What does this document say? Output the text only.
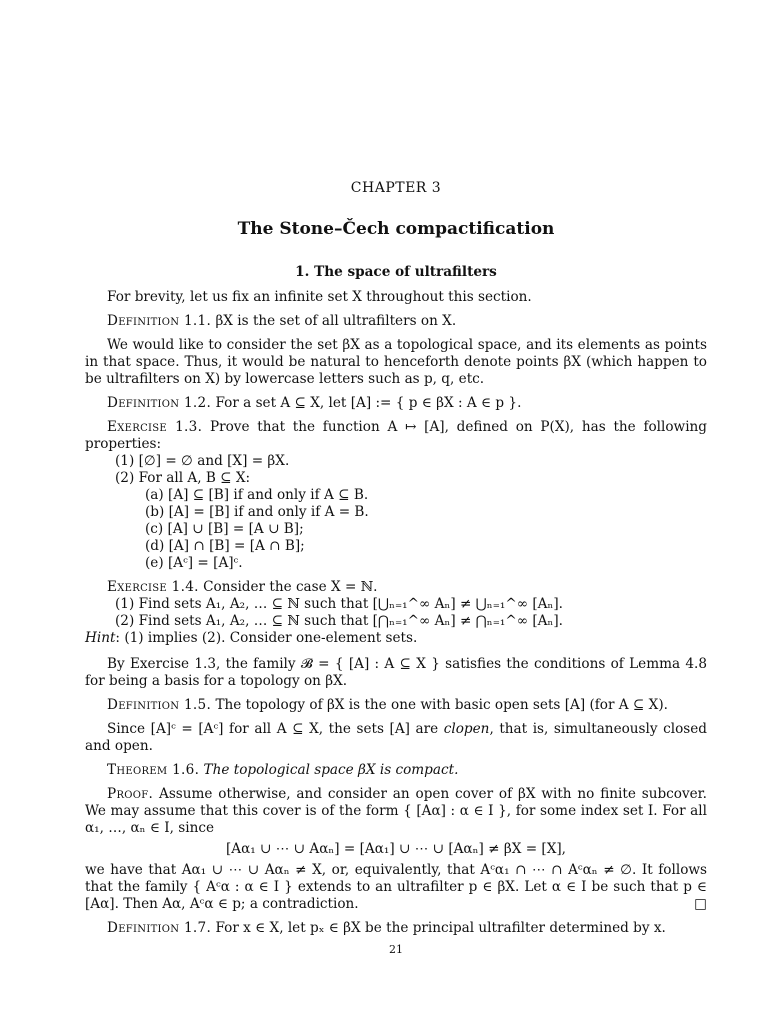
CHAPTER 3
The Stone–Čech compactification
1. The space of ultrafilters

For brevity, let us fix an infinite set X throughout this section.

Definition 1.1. βX is the set of all ultrafilters on X.

We would like to consider the set βX as a topological space, and its elements as points in that space. Thus, it would be natural to henceforth denote points βX (which happen to be ultrafilters on X) by lowercase letters such as p, q, etc.

Definition 1.2. For a set A ⊆ X, let [A] := { p ∈ βX : A ∈ p }.

Exercise 1.3. Prove that the function A ↦ [A], defined on P(X), has the following properties:

(1) [∅] = ∅ and [X] = βX.
(2) For all A, B ⊆ X:
(a) [A] ⊆ [B] if and only if A ⊆ B.
(b) [A] = [B] if and only if A = B.
(c) [A] ∪ [B] = [A ∪ B];
(d) [A] ∩ [B] = [A ∩ B];
(e) [Aᶜ] = [A]ᶜ.

Exercise 1.4. Consider the case X = ℕ.

(1) Find sets A₁, A₂, … ⊆ ℕ such that [⋃ₙ₌₁^∞ Aₙ] ≠ ⋃ₙ₌₁^∞ [Aₙ].
(2) Find sets A₁, A₂, … ⊆ ℕ such that [⋂ₙ₌₁^∞ Aₙ] ≠ ⋂ₙ₌₁^∞ [Aₙ].

Hint: (1) implies (2). Consider one-element sets.

By Exercise 1.3, the family 𝓑 = { [A] : A ⊆ X } satisfies the conditions of Lemma 4.8 for being a basis for a topology on βX.

Definition 1.5. The topology of βX is the one with basic open sets [A] (for A ⊆ X).

Since [A]ᶜ = [Aᶜ] for all A ⊆ X, the sets [A] are clopen, that is, simultaneously closed and open.

Theorem 1.6. The topological space βX is compact.

Proof. Assume otherwise, and consider an open cover of βX with no finite subcover. We may assume that this cover is of the form { [Aα] : α ∈ I }, for some index set I. For all α₁, …, αₙ ∈ I, since

[Aα₁ ∪ ⋯ ∪ Aαₙ] = [Aα₁] ∪ ⋯ ∪ [Aαₙ] ≠ βX = [X],

we have that Aα₁ ∪ ⋯ ∪ Aαₙ ≠ X, or, equivalently, that Aᶜα₁ ∩ ⋯ ∩ Aᶜαₙ ≠ ∅. It follows that the family { Aᶜα : α ∈ I } extends to an ultrafilter p ∈ βX. Let α ∈ I be such that p ∈ [Aα]. Then Aα, Aᶜα ∈ p; a contradiction.	□

Definition 1.7. For x ∈ X, let pₓ ∈ βX be the principal ultrafilter determined by x.

21
